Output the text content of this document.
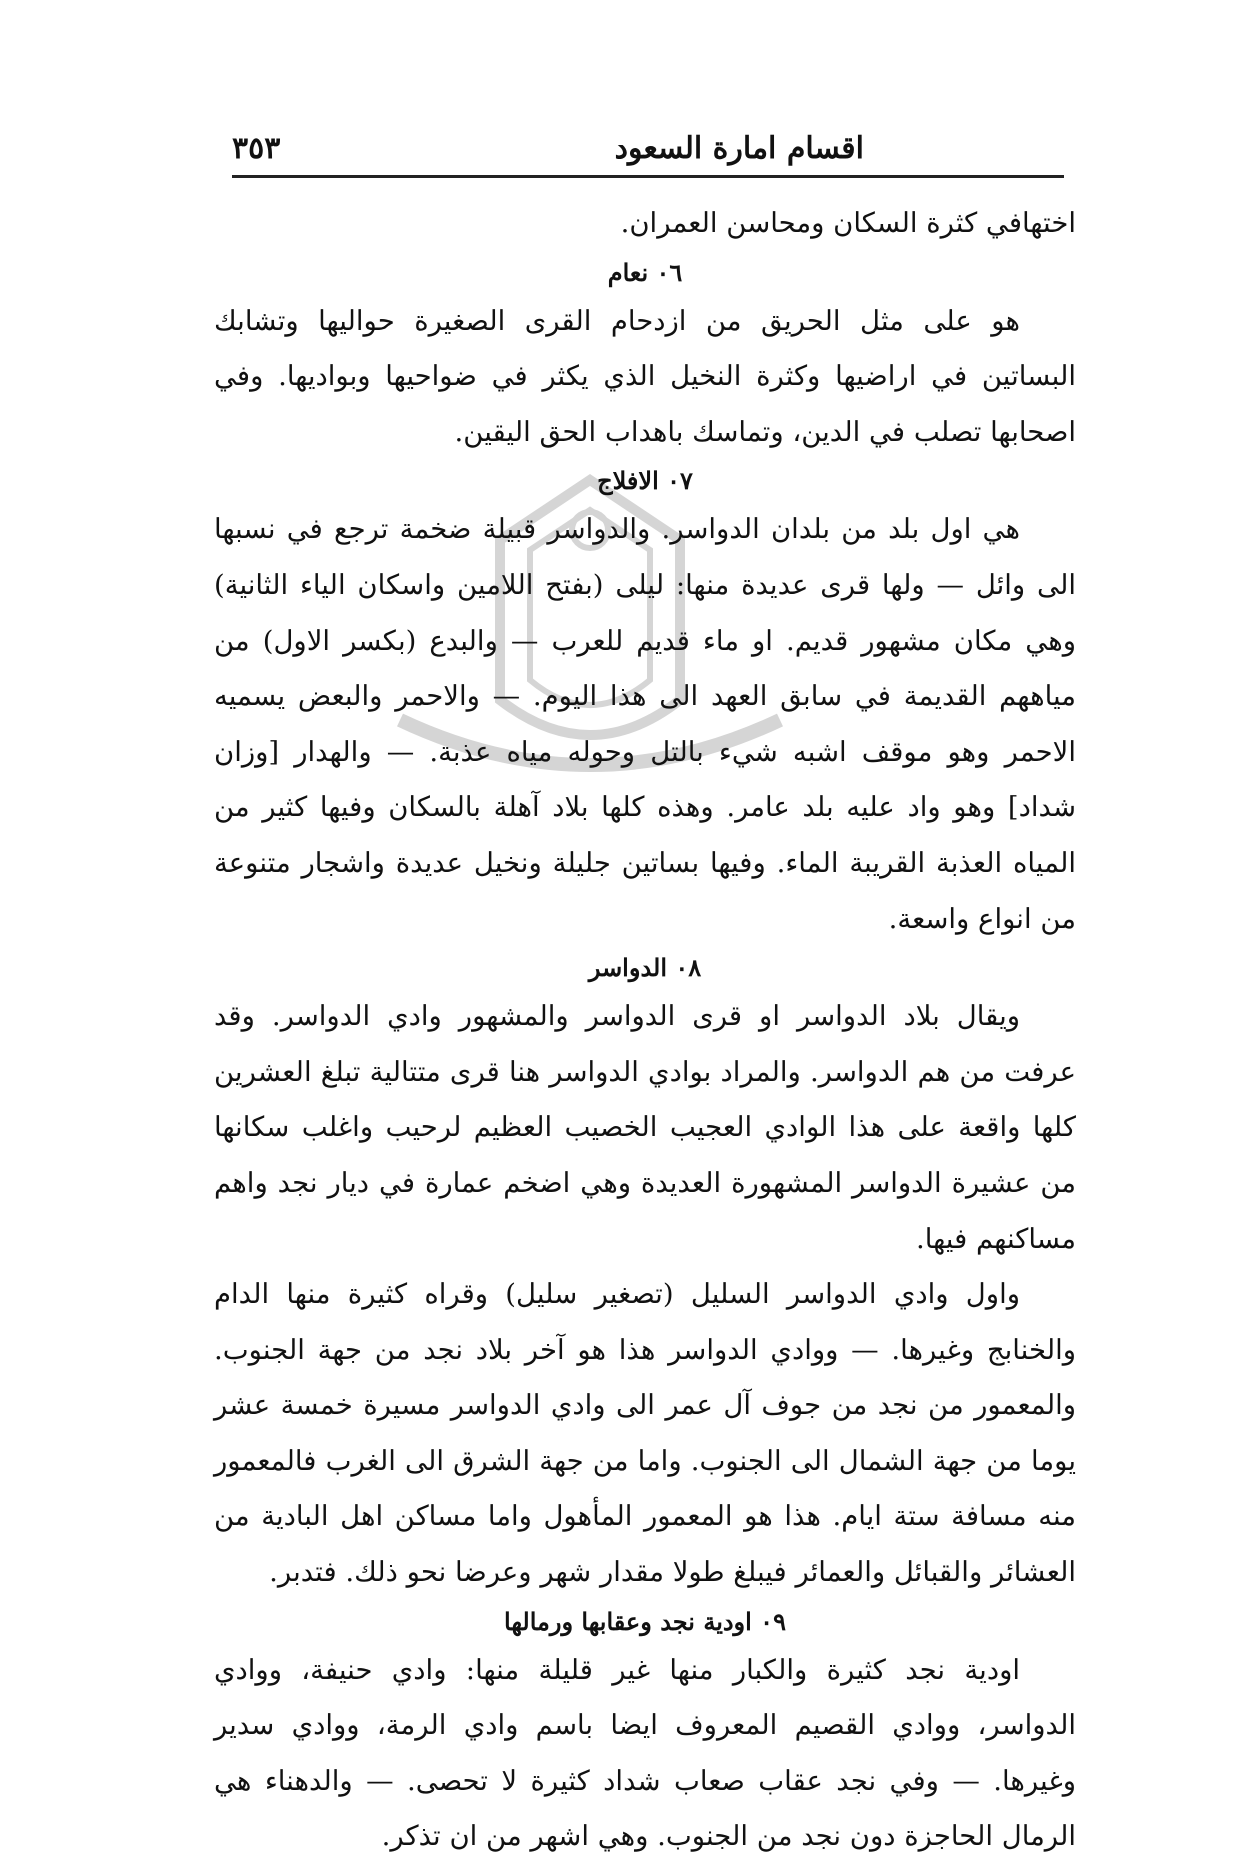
اقسام امارة السعود
٣٥٣

اختهافي كثرة السكان ومحاسن العمران.

٠٦ نعام

هو على مثل الحريق من ازدحام القرى الصغيرة حواليها وتشابك البساتين في اراضيها وكثرة النخيل الذي يكثر في ضواحيها وبواديها. وفي اصحابها تصلب في الدين، وتماسك باهداب الحق اليقين.

٠٧ الافلاج

هي اول بلد من بلدان الدواسر. والدواسر قبيلة ضخمة ترجع في نسبها الى وائل — ولها قرى عديدة منها: ليلى (بفتح اللامين واسكان الياء الثانية) وهي مكان مشهور قديم. او ماء قديم للعرب — والبدع (بكسر الاول) من مياههم القديمة في سابق العهد الى هذا اليوم. — والاحمر والبعض يسميه الاحمر وهو موقف اشبه شيء بالتل وحوله مياه عذبة. — والهدار [وزان شداد] وهو واد عليه بلد عامر. وهذه كلها بلاد آهلة بالسكان وفيها كثير من المياه العذبة القريبة الماء. وفيها بساتين جليلة ونخيل عديدة واشجار متنوعة من انواع واسعة.

٠٨ الدواسر

ويقال بلاد الدواسر او قرى الدواسر والمشهور وادي الدواسر. وقد عرفت من هم الدواسر. والمراد بوادي الدواسر هنا قرى متتالية تبلغ العشرين كلها واقعة على هذا الوادي العجيب الخصيب العظيم لرحيب واغلب سكانها من عشيرة الدواسر المشهورة العديدة وهي اضخم عمارة في ديار نجد واهم مساكنهم فيها.

واول وادي الدواسر السليل (تصغير سليل) وقراه كثيرة منها الدام والخنابج وغيرها. — ووادي الدواسر هذا هو آخر بلاد نجد من جهة الجنوب. والمعمور من نجد من جوف آل عمر الى وادي الدواسر مسيرة خمسة عشر يوما من جهة الشمال الى الجنوب. واما من جهة الشرق الى الغرب فالمعمور منه مسافة ستة ايام. هذا هو المعمور المأهول واما مساكن اهل البادية من العشائر والقبائل والعمائر فيبلغ طولا مقدار شهر وعرضا نحو ذلك. فتدبر.

٠٩ اودية نجد وعقابها ورمالها

اودية نجد كثيرة والكبار منها غير قليلة منها: وادي حنيفة، ووادي الدواسر، ووادي القصيم المعروف ايضا باسم وادي الرمة، ووادي سدير وغيرها. — وفي نجد عقاب صعاب شداد كثيرة لا تحصى. — والدهناء هي الرمال الحاجزة دون نجد من الجنوب. وهي اشهر من ان تذكر.
